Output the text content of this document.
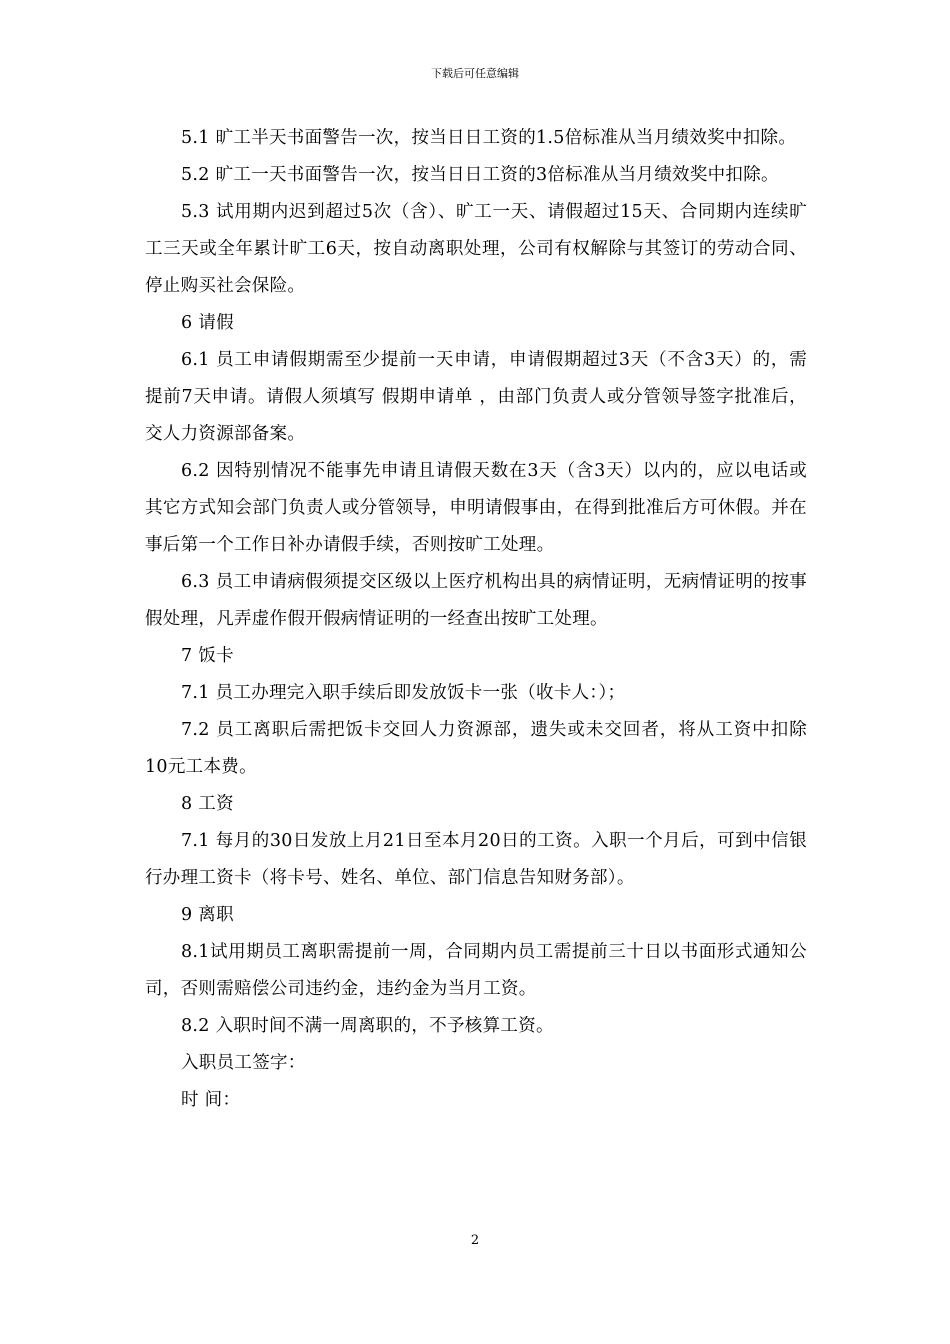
下载后可任意编辑

5.1 旷工半天书面警告一次，按当日日工资的1.5倍标准从当月绩效奖中扣除。

5.2 旷工一天书面警告一次，按当日日工资的3倍标准从当月绩效奖中扣除。

5.3 试用期内迟到超过5次（含）、旷工一天、请假超过15天、合同期内连续旷工三天或全年累计旷工6天，按自动离职处理，公司有权解除与其签订的劳动合同、停止购买社会保险。

6 请假

6.1 员工申请假期需至少提前一天申请，申请假期超过3天（不含3天）的，需提前7天申请。请假人须填写 假期申请单 ，由部门负责人或分管领导签字批准后，交人力资源部备案。

6.2 因特别情况不能事先申请且请假天数在3天（含3天）以内的，应以电话或其它方式知会部门负责人或分管领导，申明请假事由，在得到批准后方可休假。并在事后第一个工作日补办请假手续，否则按旷工处理。

6.3 员工申请病假须提交区级以上医疗机构出具的病情证明，无病情证明的按事假处理，凡弄虚作假开假病情证明的一经查出按旷工处理。

7 饭卡

7.1 员工办理完入职手续后即发放饭卡一张（收卡人：）；

7.2 员工离职后需把饭卡交回人力资源部，遗失或未交回者，将从工资中扣除10元工本费。

8 工资

7.1 每月的30日发放上月21日至本月20日的工资。入职一个月后，可到中信银行办理工资卡（将卡号、姓名、单位、部门信息告知财务部）。

9 离职

8.1试用期员工离职需提前一周，合同期内员工需提前三十日以书面形式通知公司，否则需赔偿公司违约金，违约金为当月工资。

8.2 入职时间不满一周离职的，不予核算工资。

入职员工签字：

时 间：

2
